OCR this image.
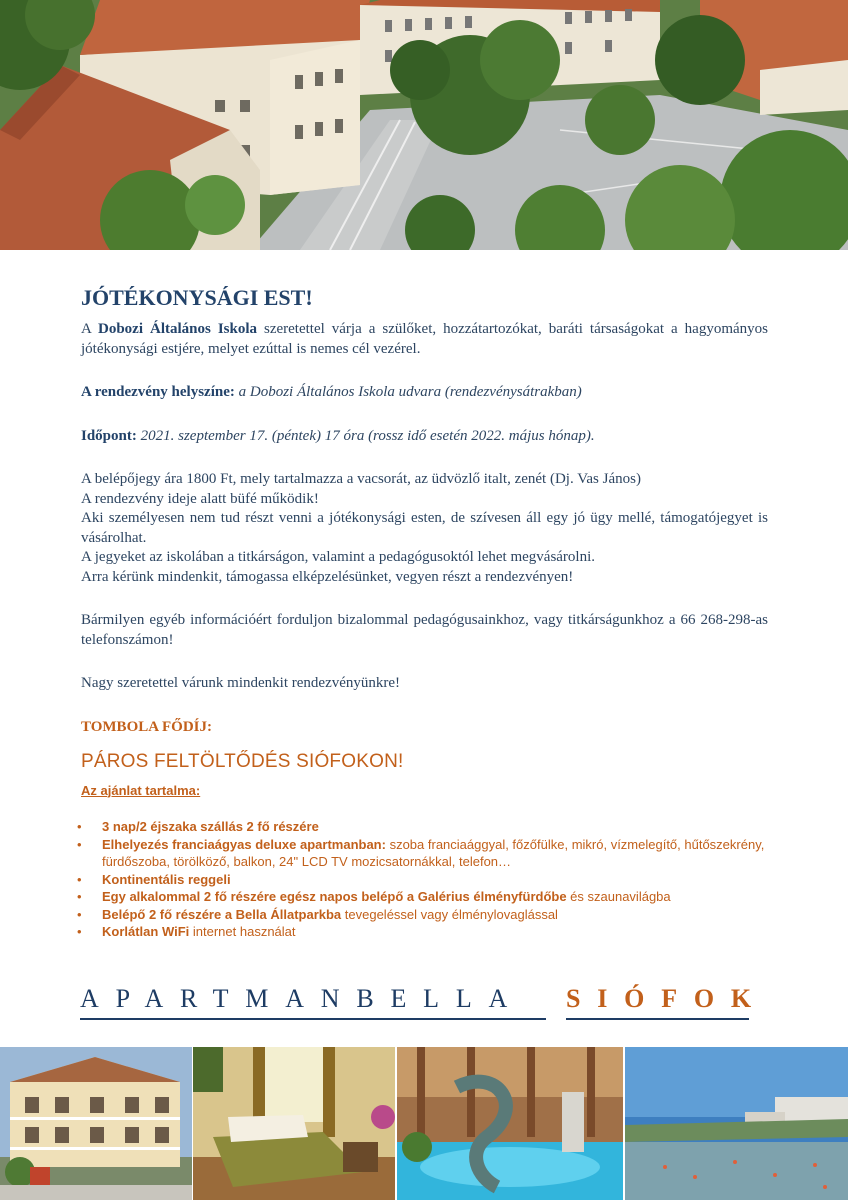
JÓTÉKONYSÁGI EST!

A Dobozi Általános Iskola szeretettel várja a szülőket, hozzátartozókat, baráti társaságokat a hagyományos jótékonysági estjére, melyet ezúttal is nemes cél vezérel.

A rendezvény helyszíne: a Dobozi Általános Iskola udvara (rendezvénysátrakban)

Időpont: 2021. szeptember 17. (péntek) 17 óra (rossz idő esetén 2022. május hónap).

A belépőjegy ára 1800 Ft, mely tartalmazza a vacsorát, az üdvözlő italt, zenét (Dj. Vas János)

A rendezvény ideje alatt büfé működik!

Aki személyesen nem tud részt venni a jótékonysági esten, de szívesen áll egy jó ügy mellé, támogatójegyet is vásárolhat.

A jegyeket az iskolában a titkárságon, valamint a pedagógusoktól lehet megvásárolni.

Arra kérünk mindenkit, támogassa elképzelésünket, vegyen részt a rendezvényen!

Bármilyen egyéb információért forduljon bizalommal pedagógusainkhoz, vagy titkárságunkhoz a 66 268-298-as telefonszámon!

Nagy szeretettel várunk mindenkit rendezvényünkre!

TOMBOLA FŐDÍJ:

PÁROS FELTÖLTŐDÉS SIÓFOKON!

Az ajánlat tartalma:

• 3 nap/2 éjszaka szállás 2 fő részére
• Elhelyezés franciaágyas deluxe apartmanban: szoba franciaággyal, főzőfülke, mikró, vízmelegítő, hűtőszekrény, fürdőszoba, törölköző, balkon, 24" LCD TV mozicsatornákkal, telefon…
• Kontinentális reggeli
• Egy alkalommal 2 fő részére egész napos belépő a Galérius élményfürdőbe és szaunavilágba
• Belépő 2 fő részére a Bella Állatparkba tevegeléssel vagy élménylovaglással
• Korlátlan WiFi internet használat
APARTMANBELLA SIÓFOK
